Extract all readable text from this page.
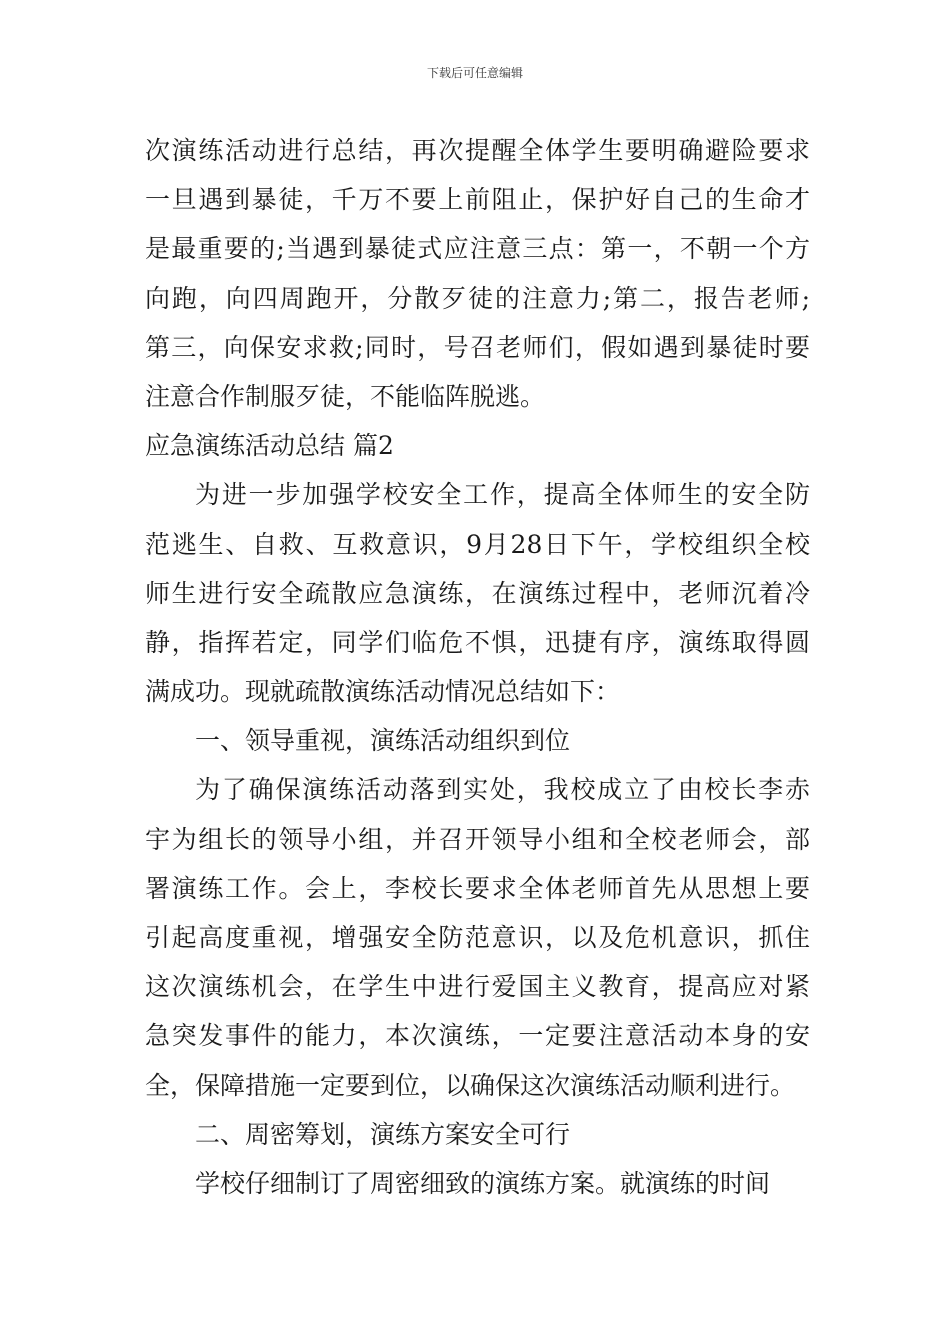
下载后可任意编辑
次演练活动进行总结，再次提醒全体学生要明确避险要求
一旦遇到暴徒，千万不要上前阻止，保护好自己的生命才
是最重要的;当遇到暴徒式应注意三点：第一，不朝一个方
向跑，向四周跑开，分散歹徒的注意力;第二，报告老师;
第三，向保安求救;同时，号召老师们，假如遇到暴徒时要
注意合作制服歹徒，不能临阵脱逃。
应急演练活动总结 篇2
为进一步加强学校安全工作，提高全体师生的安全防
范逃生、自救、互救意识，9月28日下午，学校组织全校
师生进行安全疏散应急演练，在演练过程中，老师沉着冷
静，指挥若定，同学们临危不惧，迅捷有序，演练取得圆
满成功。现就疏散演练活动情况总结如下：
一、领导重视，演练活动组织到位
为了确保演练活动落到实处，我校成立了由校长李赤
宇为组长的领导小组，并召开领导小组和全校老师会，部
署演练工作。会上，李校长要求全体老师首先从思想上要
引起高度重视，增强安全防范意识，以及危机意识，抓住
这次演练机会，在学生中进行爱国主义教育，提高应对紧
急突发事件的能力，本次演练，一定要注意活动本身的安
全，保障措施一定要到位，以确保这次演练活动顺利进行。
二、周密筹划，演练方案安全可行
学校仔细制订了周密细致的演练方案。就演练的时间
